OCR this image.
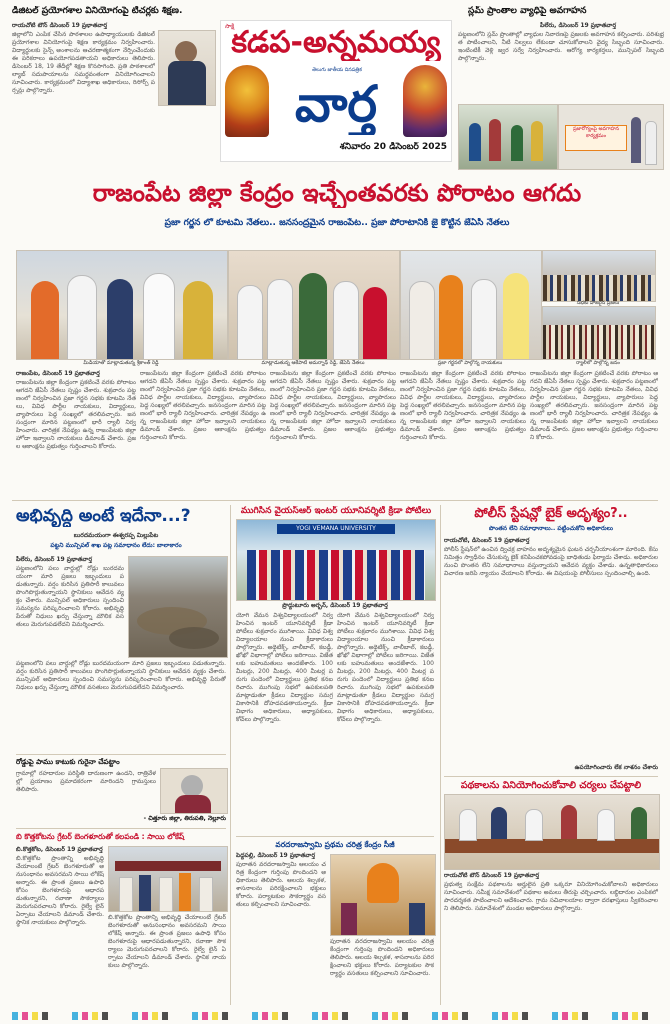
డిజిటల్ ప్రయోగశాల వినియోగంపై టీచర్లకు శిక్షణ.
రాయచోటి టౌన్ డిసెంబర్ 19 ప్రభాతవార్త
జిల్లాలోని ఎంపిక చేసిన పాఠశాలల ఉపాధ్యాయులకు డిజిటల్ ప్రయోగశాల వినియోగంపై శిక్షణ కార్యక్రమం నిర్వహించారు. విద్యార్థులకు సైన్స్ అంశాలను ఆచరణాత్మకంగా నేర్పించేందుకు ఈ పరికరాలు ఉపయోగపడతాయని అధికారులు తెలిపారు. డిసెంబర్ 18, 19 తేదీల్లో శిక్షణ కొనసాగింది. ప్రతి పాఠశాలలో ల్యాబ్ సదుపాయాలను సమర్థవంతంగా వినియోగించాలని సూచించారు. కార్యక్రమంలో విద్యాశాఖ అధికారులు, రిసోర్స్ పర్సన్లు పాల్గొన్నారు.
సాక్షి
కడప-అన్నమయ్య
తెలుగు జాతీయ దినపత్రిక
వార్త
శనివారం 20 డిసెంబర్ 2025
స్లమ్ ప్రాంతాల వ్యాధిపై అవగాహన
పీలేరు, డిసెంబర్ 19 ప్రభాతవార్త
పట్టణంలోని స్లమ్ ప్రాంతాల్లో వ్యాధుల నివారణపై ప్రజలకు అవగాహన కల్పించారు. పరిశుభ్రత పాటించాలని, నీటి నిల్వలు లేకుండా చూసుకోవాలని వైద్య సిబ్బంది సూచించారు. ఇంటింటికీ వెళ్లి జ్వర సర్వే నిర్వహించారు. ఆరోగ్య కార్యకర్తలు, మున్సిపల్ సిబ్బంది పాల్గొన్నారు.
ప్రజారోగ్యంపై అవగాహన కార్యక్రమం
రాజంపేట జిల్లా కేంద్రం ఇచ్చేంతవరకు పోరాటం ఆగదు
ప్రజా గర్జన లో కూటమి నేతలు.. జనసంద్రమైన రాజంపేట.. ప్రజా పోరాటానికి జై కొట్టిన జేఏసీ నేతలు
మీడియాతో మాట్లాడుతున్న శ్రీకాంత్ రెడ్డి	మాట్లాడుతున్న ఆకేపాటి అమర్నాథ్ రెడ్డి, జేఏసీ నేతలు	ప్రజా గర్జనలో పాల్గొన్న నాయకులు
సభకు హాజరైన ప్రజలు
ర్యాలీలో పాల్గొన్న జనం
రాజంపేట, డిసెంబర్ 19 ప్రభాతవార్త
రాజంపేటను జిల్లా కేంద్రంగా ప్రకటించే వరకు పోరాటం ఆగదని జేఏసీ నేతలు స్పష్టం చేశారు. శుక్రవారం పట్టణంలో నిర్వహించిన ప్రజా గర్జన సభకు కూటమి నేతలు, వివిధ పార్టీల నాయకులు, విద్యార్థులు, వ్యాపారులు పెద్ద సంఖ్యలో తరలివచ్చారు. జనసంద్రంగా మారిన పట్టణంలో భారీ ర్యాలీ నిర్వహించారు. చారిత్రక నేపథ్యం ఉన్న రాజంపేటకు జిల్లా హోదా ఇవ్వాలని నాయకులు డిమాండ్ చేశారు. ప్రజల ఆకాంక్షను ప్రభుత్వం గుర్తించాలని కోరారు.
రాజంపేటను జిల్లా కేంద్రంగా ప్రకటించే వరకు పోరాటం ఆగదని జేఏసీ నేతలు స్పష్టం చేశారు. శుక్రవారం పట్టణంలో నిర్వహించిన ప్రజా గర్జన సభకు కూటమి నేతలు, వివిధ పార్టీల నాయకులు, విద్యార్థులు, వ్యాపారులు పెద్ద సంఖ్యలో తరలివచ్చారు. జనసంద్రంగా మారిన పట్టణంలో భారీ ర్యాలీ నిర్వహించారు. చారిత్రక నేపథ్యం ఉన్న రాజంపేటకు జిల్లా హోదా ఇవ్వాలని నాయకులు డిమాండ్ చేశారు. ప్రజల ఆకాంక్షను ప్రభుత్వం గుర్తించాలని కోరారు.
రాజంపేటను జిల్లా కేంద్రంగా ప్రకటించే వరకు పోరాటం ఆగదని జేఏసీ నేతలు స్పష్టం చేశారు. శుక్రవారం పట్టణంలో నిర్వహించిన ప్రజా గర్జన సభకు కూటమి నేతలు, వివిధ పార్టీల నాయకులు, విద్యార్థులు, వ్యాపారులు పెద్ద సంఖ్యలో తరలివచ్చారు. జనసంద్రంగా మారిన పట్టణంలో భారీ ర్యాలీ నిర్వహించారు. చారిత్రక నేపథ్యం ఉన్న రాజంపేటకు జిల్లా హోదా ఇవ్వాలని నాయకులు డిమాండ్ చేశారు. ప్రజల ఆకాంక్షను ప్రభుత్వం గుర్తించాలని కోరారు.
రాజంపేటను జిల్లా కేంద్రంగా ప్రకటించే వరకు పోరాటం ఆగదని జేఏసీ నేతలు స్పష్టం చేశారు. శుక్రవారం పట్టణంలో నిర్వహించిన ప్రజా గర్జన సభకు కూటమి నేతలు, వివిధ పార్టీల నాయకులు, విద్యార్థులు, వ్యాపారులు పెద్ద సంఖ్యలో తరలివచ్చారు. జనసంద్రంగా మారిన పట్టణంలో భారీ ర్యాలీ నిర్వహించారు. చారిత్రక నేపథ్యం ఉన్న రాజంపేటకు జిల్లా హోదా ఇవ్వాలని నాయకులు డిమాండ్ చేశారు. ప్రజల ఆకాంక్షను ప్రభుత్వం గుర్తించాలని కోరారు.
రాజంపేటను జిల్లా కేంద్రంగా ప్రకటించే వరకు పోరాటం ఆగదని జేఏసీ నేతలు స్పష్టం చేశారు. శుక్రవారం పట్టణంలో నిర్వహించిన ప్రజా గర్జన సభకు కూటమి నేతలు, వివిధ పార్టీల నాయకులు, విద్యార్థులు, వ్యాపారులు పెద్ద సంఖ్యలో తరలివచ్చారు. జనసంద్రంగా మారిన పట్టణంలో భారీ ర్యాలీ నిర్వహించారు. చారిత్రక నేపథ్యం ఉన్న రాజంపేటకు జిల్లా హోదా ఇవ్వాలని నాయకులు డిమాండ్ చేశారు. ప్రజల ఆకాంక్షను ప్రభుత్వం గుర్తించాలని కోరారు.
అభివృద్ధి అంటే ఇదేనా...?
బురదమయంగా ఈశ్వరప్ప మిల్లుపేట
పట్టని మున్సిపల్ శాఖ పట్ల సమాధానం లేదు: బాలాకారం
పీలేరు, డిసెంబర్ 19 ప్రభాతవార్త
పట్టణంలోని పలు వార్డుల్లో రోడ్లు బురదమయంగా మారి ప్రజలు ఇబ్బందులు పడుతున్నారు. వర్షం కురిసిన ప్రతిసారీ కాలువలు పొంగిపొర్లుతున్నాయని స్థానికులు ఆవేదన వ్యక్తం చేశారు. మున్సిపల్ అధికారులు స్పందించి సమస్యను పరిష్కరించాలని కోరారు. అభివృద్ధి పేరుతో నిధులు ఖర్చు చేస్తున్నా మౌలిక వసతులు మెరుగుపడలేదని విమర్శించారు.
పట్టణంలోని పలు వార్డుల్లో రోడ్లు బురదమయంగా మారి ప్రజలు ఇబ్బందులు పడుతున్నారు. వర్షం కురిసిన ప్రతిసారీ కాలువలు పొంగిపొర్లుతున్నాయని స్థానికులు ఆవేదన వ్యక్తం చేశారు. మున్సిపల్ అధికారులు స్పందించి సమస్యను పరిష్కరించాలని కోరారు. అభివృద్ధి పేరుతో నిధులు ఖర్చు చేస్తున్నా మౌలిక వసతులు మెరుగుపడలేదని విమర్శించారు.
రోడ్డుపై పాము కాటుకు గురైనా చేపట్టాం
గ్రామాల్లో రహదారుల పరిస్థితి దారుణంగా ఉందని, రాత్రివేళల్లో ప్రయాణం ప్రమాదకరంగా మారిందని గ్రామస్తులు తెలిపారు.
- చిత్తూరు జిల్లా, తిరుపతి, నెల్లూరు
బి కొత్తకోటను గ్రేటర్ బెంగళూరుతో కలపండి : సాయి లోకేష్
బి.కొత్తకోట, డిసెంబర్ 19 ప్రభాతవార్త
బి.కొత్తకోట ప్రాంతాన్ని అభివృద్ధి చేయాలంటే గ్రేటర్ బెంగళూరుతో అనుసంధానం అవసరమని సాయి లోకేష్ అన్నారు. ఈ ప్రాంత ప్రజలు ఉపాధి కోసం బెంగళూరుపై ఆధారపడుతున్నారని, రవాణా సౌకర్యాలు మెరుగుపరచాలని కోరారు. రైల్వే లైన్ ఏర్పాటు చేయాలని డిమాండ్ చేశారు. స్థానిక నాయకులు పాల్గొన్నారు.
బి.కొత్తకోట ప్రాంతాన్ని అభివృద్ధి చేయాలంటే గ్రేటర్ బెంగళూరుతో అనుసంధానం అవసరమని సాయి లోకేష్ అన్నారు. ఈ ప్రాంత ప్రజలు ఉపాధి కోసం బెంగళూరుపై ఆధారపడుతున్నారని, రవాణా సౌకర్యాలు మెరుగుపరచాలని కోరారు. రైల్వే లైన్ ఏర్పాటు చేయాలని డిమాండ్ చేశారు. స్థానిక నాయకులు పాల్గొన్నారు.
ముగిసిన వైయస్ఆర్ ఇంటర్ యూనివర్శిటీ క్రీడా పోటీలు
YOGI VEMANA UNIVERSITY
ప్రొద్దుటూరు అర్బన్, డిసెంబర్ 19 ప్రభాతవార్త
యోగి వేమన విశ్వవిద్యాలయంలో నిర్వహించిన ఇంటర్ యూనివర్శిటీ క్రీడా పోటీలు శుక్రవారం ముగిశాయి. వివిధ విశ్వవిద్యాలయాల నుంచి క్రీడాకారులు పాల్గొన్నారు. అథ్లెటిక్స్, వాలీబాల్, కబడ్డీ, ఖోఖో విభాగాల్లో పోటీలు జరిగాయి. విజేతలకు బహుమతులు అందజేశారు. 100 మీటర్లు, 200 మీటర్లు, 400 మీటర్ల పరుగు పందెంలో విద్యార్థులు ప్రతిభ కనబరిచారు. ముగింపు సభలో ఉపకులపతి మాట్లాడుతూ క్రీడలు విద్యార్థుల సమగ్ర వికాసానికి దోహదపడతాయన్నారు. క్రీడా విభాగం అధికారులు, అధ్యాపకులు, కోచ్‌లు పాల్గొన్నారు.
యోగి వేమన విశ్వవిద్యాలయంలో నిర్వహించిన ఇంటర్ యూనివర్శిటీ క్రీడా పోటీలు శుక్రవారం ముగిశాయి. వివిధ విశ్వవిద్యాలయాల నుంచి క్రీడాకారులు పాల్గొన్నారు. అథ్లెటిక్స్, వాలీబాల్, కబడ్డీ, ఖోఖో విభాగాల్లో పోటీలు జరిగాయి. విజేతలకు బహుమతులు అందజేశారు. 100 మీటర్లు, 200 మీటర్లు, 400 మీటర్ల పరుగు పందెంలో విద్యార్థులు ప్రతిభ కనబరిచారు. ముగింపు సభలో ఉపకులపతి మాట్లాడుతూ క్రీడలు విద్యార్థుల సమగ్ర వికాసానికి దోహదపడతాయన్నారు. క్రీడా విభాగం అధికారులు, అధ్యాపకులు, కోచ్‌లు పాల్గొన్నారు.
వరదరాజస్వామి ప్రథమ చరిత్ర కేంద్రం సీజీ
పెద్దపల్లి, డిసెంబర్ 19 ప్రభాతవార్త
పురాతన వరదరాజస్వామి ఆలయం చరిత్ర కేంద్రంగా గుర్తింపు పొందిందని అధికారులు తెలిపారు. ఆలయ శిల్పకళ, శాసనాలను పరిరక్షించాలని భక్తులు కోరారు. పర్యాటకుల సౌకర్యార్థం వసతులు కల్పించాలని సూచించారు.
పురాతన వరదరాజస్వామి ఆలయం చరిత్ర కేంద్రంగా గుర్తింపు పొందిందని అధికారులు తెలిపారు. ఆలయ శిల్పకళ, శాసనాలను పరిరక్షించాలని భక్తులు కోరారు. పర్యాటకుల సౌకర్యార్థం వసతులు కల్పించాలని సూచించారు.
పోలీస్ స్టేషన్లో బైక్ అదృశ్యం?..
పొంతన లేని సమాధానాలు.. పట్టించుకోని అధికారులు
రాయచోటి, డిసెంబర్ 19 ప్రభాతవార్త
పోలీస్ స్టేషన్‌లో ఉంచిన ద్విచక్ర వాహనం అదృశ్యమైన ఘటన చర్చనీయాంశంగా మారింది. కేసు నిమిత్తం స్వాధీనం చేసుకున్న బైక్ కనిపించకపోవడంపై బాధితుడు ఫిర్యాదు చేశాడు. అధికారుల నుంచి పొంతన లేని సమాధానాలు వస్తున్నాయని ఆవేదన వ్యక్తం చేశాడు. ఉన్నతాధికారులు విచారణ జరిపి న్యాయం చేయాలని కోరాడు. ఈ విషయంపై పోలీసులు స్పందించాల్సి ఉంది.
ఉపయోగించారు లేక నాశనం చేశారు
పథకాలను వినియోగించుకోవాలి చర్యలు చేపట్టాలి
రాయచోటి టౌన్ డిసెంబర్ 19 ప్రభాతవార్త
ప్రభుత్వ సంక్షేమ పథకాలను అర్హులైన ప్రతి ఒక్కరూ వినియోగించుకోవాలని అధికారులు సూచించారు. సమీక్ష సమావేశంలో పథకాల అమలు తీరుపై చర్చించారు. లబ్ధిదారుల ఎంపికలో పారదర్శకత పాటించాలని ఆదేశించారు. గ్రామ సచివాలయాల ద్వారా దరఖాస్తులు స్వీకరించాలని తెలిపారు. సమావేశంలో మండల అధికారులు పాల్గొన్నారు.
